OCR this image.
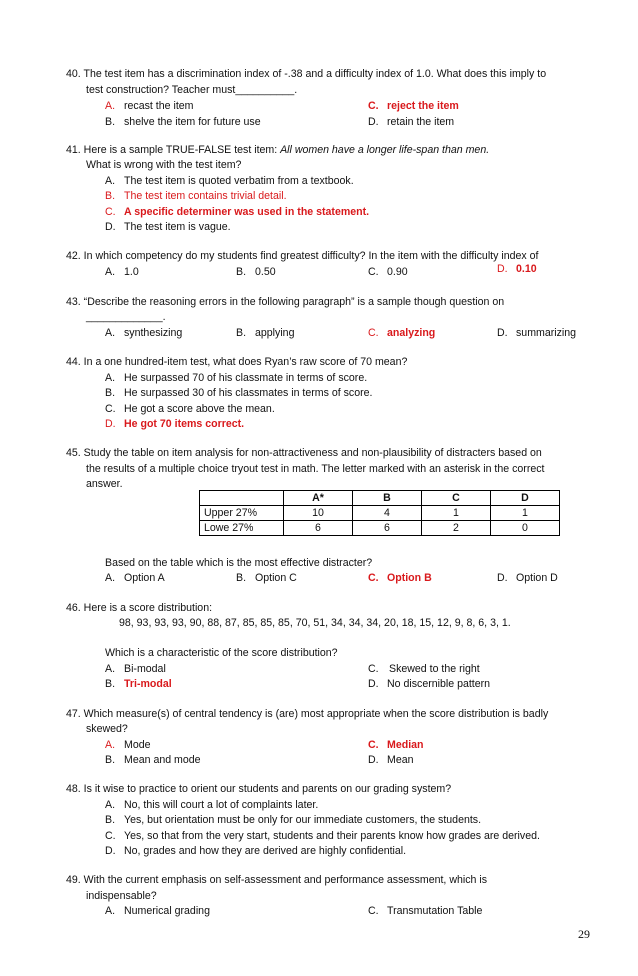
40. The test item has a discrimination index of -.38 and a difficulty index of 1.0. What does this imply to
test construction? Teacher must__________.
A. recast the item
B. shelve the item for future use
C. reject the item
D. retain the item
41. Here is a sample TRUE-FALSE test item: All women have a longer life-span than men.
What is wrong with the test item?
A. The test item is quoted verbatim from a textbook.
B. The test item contains trivial detail.
C. A specific determiner was used in the statement.
D. The test item is vague.
42. In which competency do my students find greatest difficulty? In the item with the difficulty index of
A. 1.0	B. 0.50	C. 0.90	D. 0.10
43. “Describe the reasoning errors in the following paragraph” is a sample though question on
_____________.
A. synthesizing	B. applying	C. analyzing	D. summarizing
44. In a one hundred-item test, what does Ryan’s raw score of 70 mean?
A. He surpassed 70 of his classmate in terms of score.
B. He surpassed 30 of his classmates in terms of score.
C. He got a score above the mean.
D. He got 70 items correct.
45. Study the table on item analysis for non-attractiveness and non-plausibility of distracters based on
the results of a multiple choice tryout test in math. The letter marked with an asterisk in the correct
answer.
	A*	B	C	D
Upper 27%	10	4	1	1
Lowe 27%	6	6	2	0
Based on the table which is the most effective distracter?
A. Option A	B. Option C	C. Option B	D. Option D
46. Here is a score distribution:
98, 93, 93, 93, 90, 88, 87, 85, 85, 85, 70, 51, 34, 34, 34, 20, 18, 15, 12, 9, 8, 6, 3, 1.
Which is a characteristic of the score distribution?
A. Bi-modal
B. Tri-modal
C. Skewed to the right
D. No discernible pattern
47. Which measure(s) of central tendency is (are) most appropriate when the score distribution is badly
skewed?
A. Mode
B. Mean and mode
C. Median
D. Mean
48. Is it wise to practice to orient our students and parents on our grading system?
A. No, this will court a lot of complaints later.
B. Yes, but orientation must be only for our immediate customers, the students.
C. Yes, so that from the very start, students and their parents know how grades are derived.
D. No, grades and how they are derived are highly confidential.
49. With the current emphasis on self-assessment and performance assessment, which is
indispensable?
A. Numerical grading	C. Transmutation Table
29
